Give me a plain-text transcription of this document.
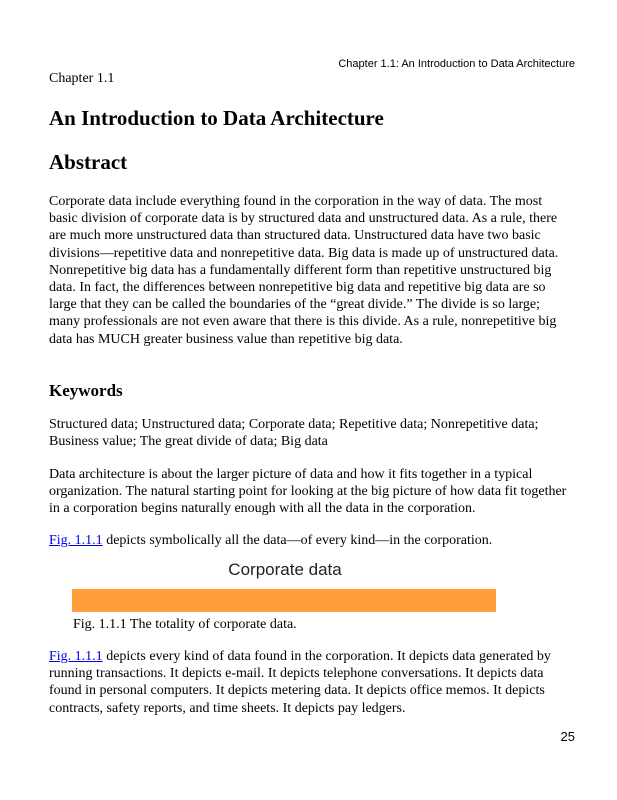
Chapter 1.1: An Introduction to Data Architecture
Chapter 1.1
An Introduction to Data Architecture
Abstract

Corporate data include everything found in the corporation in the way of data. The most basic division of corporate data is by structured data and unstructured data. As a rule, there are much more unstructured data than structured data. Unstructured data have two basic divisions—repetitive data and nonrepetitive data. Big data is made up of unstructured data. Nonrepetitive big data has a fundamentally different form than repetitive unstructured big data. In fact, the differences between nonrepetitive big data and repetitive big data are so large that they can be called the boundaries of the “great divide.” The divide is so large; many professionals are not even aware that there is this divide. As a rule, nonrepetitive big data has MUCH greater business value than repetitive big data.

Keywords

Structured data; Unstructured data; Corporate data; Repetitive data; Nonrepetitive data; Business value; The great divide of data; Big data

Data architecture is about the larger picture of data and how it fits together in a typical organization. The natural starting point for looking at the big picture of how data fit together in a corporation begins naturally enough with all the data in the corporation.

Fig. 1.1.1 depicts symbolically all the data—of every kind—in the corporation.

Corporate data
Fig. 1.1.1 The totality of corporate data.

Fig. 1.1.1 depicts every kind of data found in the corporation. It depicts data generated by running transactions. It depicts e-mail. It depicts telephone conversations. It depicts data found in personal computers. It depicts metering data. It depicts office memos. It depicts contracts, safety reports, and time sheets. It depicts pay ledgers.

25
